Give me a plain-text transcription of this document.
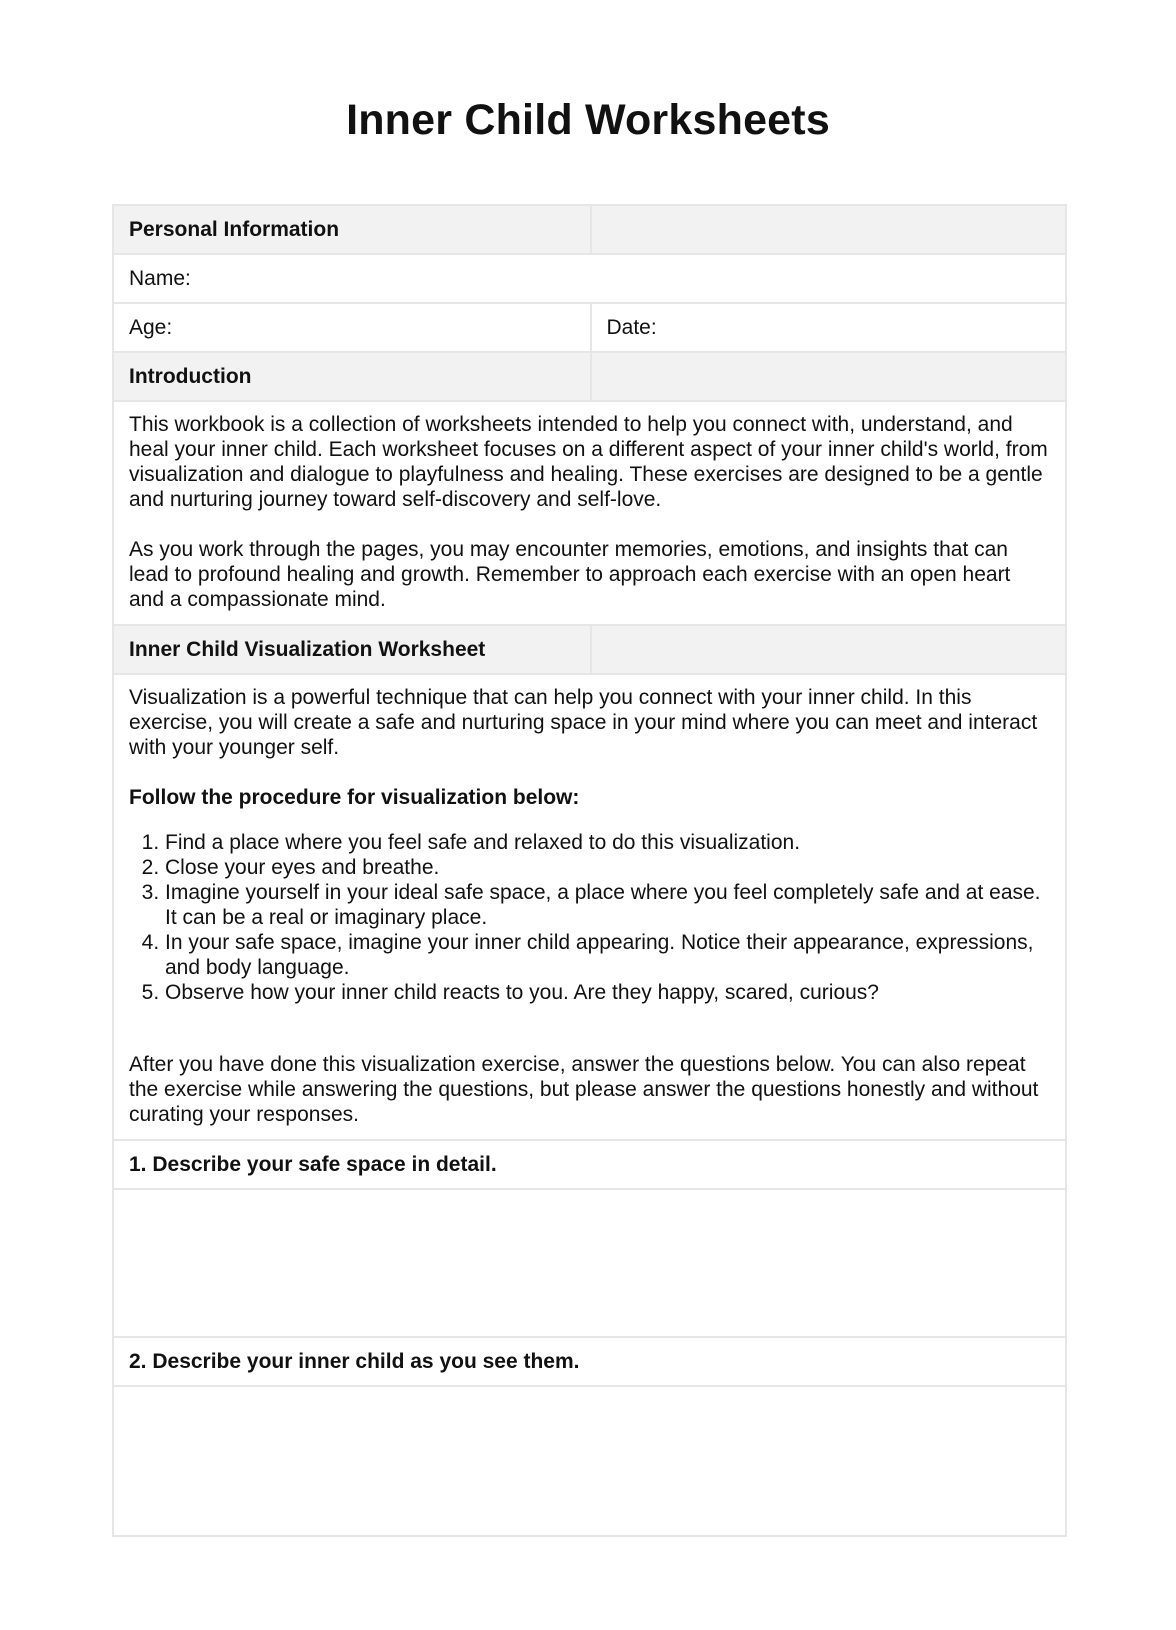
Inner Child Worksheets
Personal Information
Name:
Age:	Date:
Introduction

This workbook is a collection of worksheets intended to help you connect with, understand, and heal your inner child. Each worksheet focuses on a different aspect of your inner child's world, from visualization and dialogue to playfulness and healing. These exercises are designed to be a gentle and nurturing journey toward self-discovery and self-love.

As you work through the pages, you may encounter memories, emotions, and insights that can lead to profound healing and growth. Remember to approach each exercise with an open heart and a compassionate mind.

Inner Child Visualization Worksheet

Visualization is a powerful technique that can help you connect with your inner child. In this exercise, you will create a safe and nurturing space in your mind where you can meet and interact with your younger self.

Follow the procedure for visualization below:

1. Find a place where you feel safe and relaxed to do this visualization.
2. Close your eyes and breathe.
3. Imagine yourself in your ideal safe space, a place where you feel completely safe and at ease. It can be a real or imaginary place.
4. In your safe space, imagine your inner child appearing. Notice their appearance, expressions, and body language.
5. Observe how your inner child reacts to you. Are they happy, scared, curious?

After you have done this visualization exercise, answer the questions below. You can also repeat the exercise while answering the questions, but please answer the questions honestly and without curating your responses.

1. Describe your safe space in detail.
2. Describe your inner child as you see them.
